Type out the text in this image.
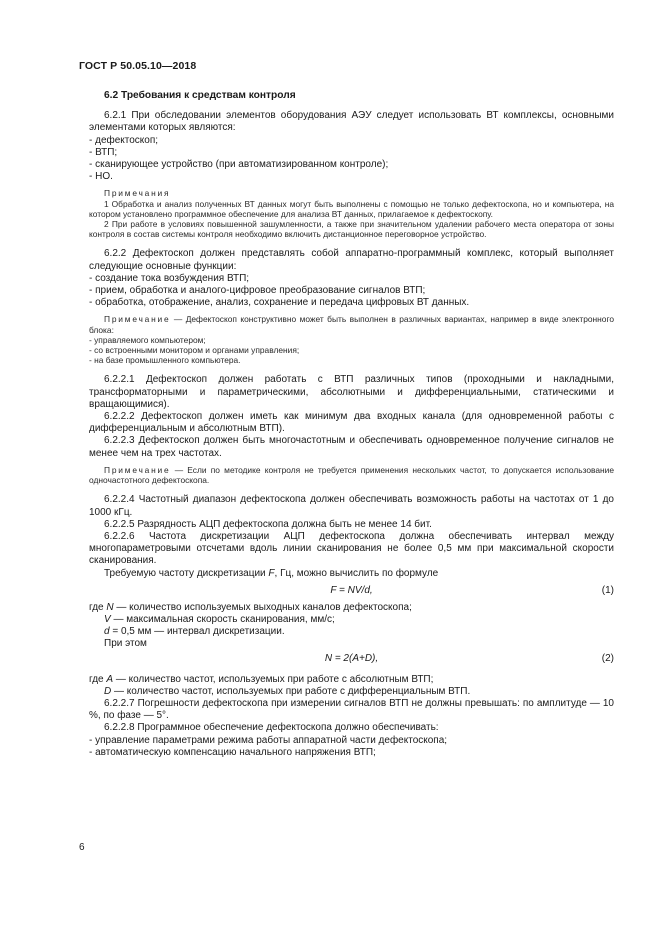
ГОСТ Р 50.05.10—2018
6.2 Требования к средствам контроля

6.2.1 При обследовании элементов оборудования АЭУ следует использовать ВТ комплексы, основными элементами которых являются:

- дефектоскоп;

- ВТП;

- сканирующее устройство (при автоматизированном контроле);

- НО.

Примечания

1 Обработка и анализ полученных ВТ данных могут быть выполнены с помощью не только дефектоскопа, но и компьютера, на котором установлено программное обеспечение для анализа ВТ данных, прилагаемое к дефектоскопу.

2 При работе в условиях повышенной зашумленности, а также при значительном удалении рабочего места оператора от зоны контроля в состав системы контроля необходимо включить дистанционное переговорное устройство.

6.2.2 Дефектоскоп должен представлять собой аппаратно-программный комплекс, который выполняет следующие основные функции:

- создание тока возбуждения ВТП;

- прием, обработка и аналого-цифровое преобразование сигналов ВТП;

- обработка, отображение, анализ, сохранение и передача цифровых ВТ данных.

Примечание — Дефектоскоп конструктивно может быть выполнен в различных вариантах, например в виде электронного блока:

- управляемого компьютером;

- со встроенными монитором и органами управления;

- на базе промышленного компьютера.

6.2.2.1 Дефектоскоп должен работать с ВТП различных типов (проходными и накладными, трансформаторными и параметрическими, абсолютными и дифференциальными, статическими и вращающимися).

6.2.2.2 Дефектоскоп должен иметь как минимум два входных канала (для одновременной работы с дифференциальным и абсолютным ВТП).

6.2.2.3 Дефектоскоп должен быть многочастотным и обеспечивать одновременное получение сигналов не менее чем на трех частотах.

Примечание — Если по методике контроля не требуется применения нескольких частот, то допускается использование одночастотного дефектоскопа.

6.2.2.4 Частотный диапазон дефектоскопа должен обеспечивать возможность работы на частотах от 1 до 1000 кГц.

6.2.2.5 Разрядность АЦП дефектоскопа должна быть не менее 14 бит.

6.2.2.6 Частота дискретизации АЦП дефектоскопа должна обеспечивать интервал между многопараметровыми отсчетами вдоль линии сканирования не более 0,5 мм при максимальной скорости сканирования.

Требуемую частоту дискретизации F, Гц, можно вычислить по формуле

F = NV/d,	(1)

где N — количество используемых выходных каналов дефектоскопа;

V — максимальная скорость сканирования, мм/с;

d = 0,5 мм — интервал дискретизации.

При этом

N = 2(A+D),	(2)

где A — количество частот, используемых при работе с абсолютным ВТП;

D — количество частот, используемых при работе с дифференциальным ВТП.

6.2.2.7 Погрешности дефектоскопа при измерении сигналов ВТП не должны превышать: по амплитуде — 10 %, по фазе — 5°.

6.2.2.8 Программное обеспечение дефектоскопа должно обеспечивать:

- управление параметрами режима работы аппаратной части дефектоскопа;

- автоматическую компенсацию начального напряжения ВТП;

6
